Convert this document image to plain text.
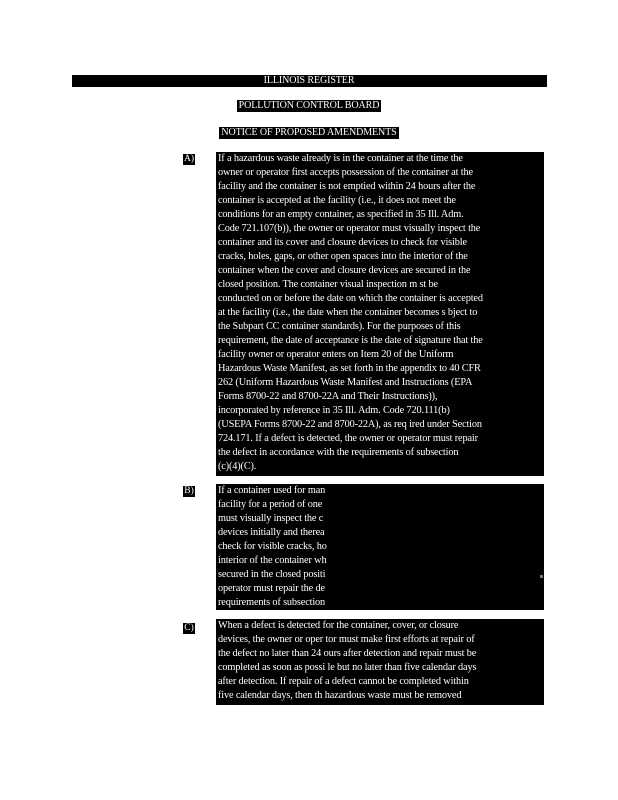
ILLINOIS REGISTER
POLLUTION CONTROL BOARD
NOTICE OF PROPOSED AMENDMENTS
A) If a hazardous waste already is in the container at the time the
owner or operator first accepts possession of the container at the
facility and the container is not emptied within 24 hours after the
container is accepted at the facility (i.e., it does not meet the
conditions for an empty container, as specified in 35 Ill. Adm.
Code 721.107(b)), the owner or operator must visually inspect the
container and its cover and closure devices to check for visible
cracks, holes, gaps, or other open spaces into the interior of the
container when the cover and closure devices are secured in the
closed position. The container visual inspection m st be
conducted on or before the date on which the container is accepted
at the facility (i.e., the date when the container becomes s bject to
the Subpart CC container standards). For the purposes of this
requirement, the date of acceptance is the date of signature that the
facility owner or operator enters on Item 20 of the Uniform
Hazardous Waste Manifest, as set forth in the appendix to 40 CFR
262 (Uniform Hazardous Waste Manifest and Instructions (EPA
Forms 8700-22 and 8700-22A and Their Instructions)),
incorporated by reference in 35 Ill. Adm. Code 720.111(b)
(USEPA Forms 8700-22 and 8700-22A), as req ired under Section
724.171. If a defect is detected, the owner or operator must repair
the defect in accordance with the requirements of subsection
(c)(4)(C).
B) If a container used for man
facility for a period of one
must visually inspect the c
devices initially and therea
check for visible cracks, ho
interior of the container wh
secured in the closed positi
operator must repair the de
requirements of subsection
C) When a defect is detected for the container, cover, or closure
devices, the owner or oper tor must make first efforts at repair of
the defect no later than 24 ours after detection and repair must be
completed as soon as possi le but no later than five calendar days
after detection. If repair of a defect cannot be completed within
five calendar days, then th hazardous waste must be removed
